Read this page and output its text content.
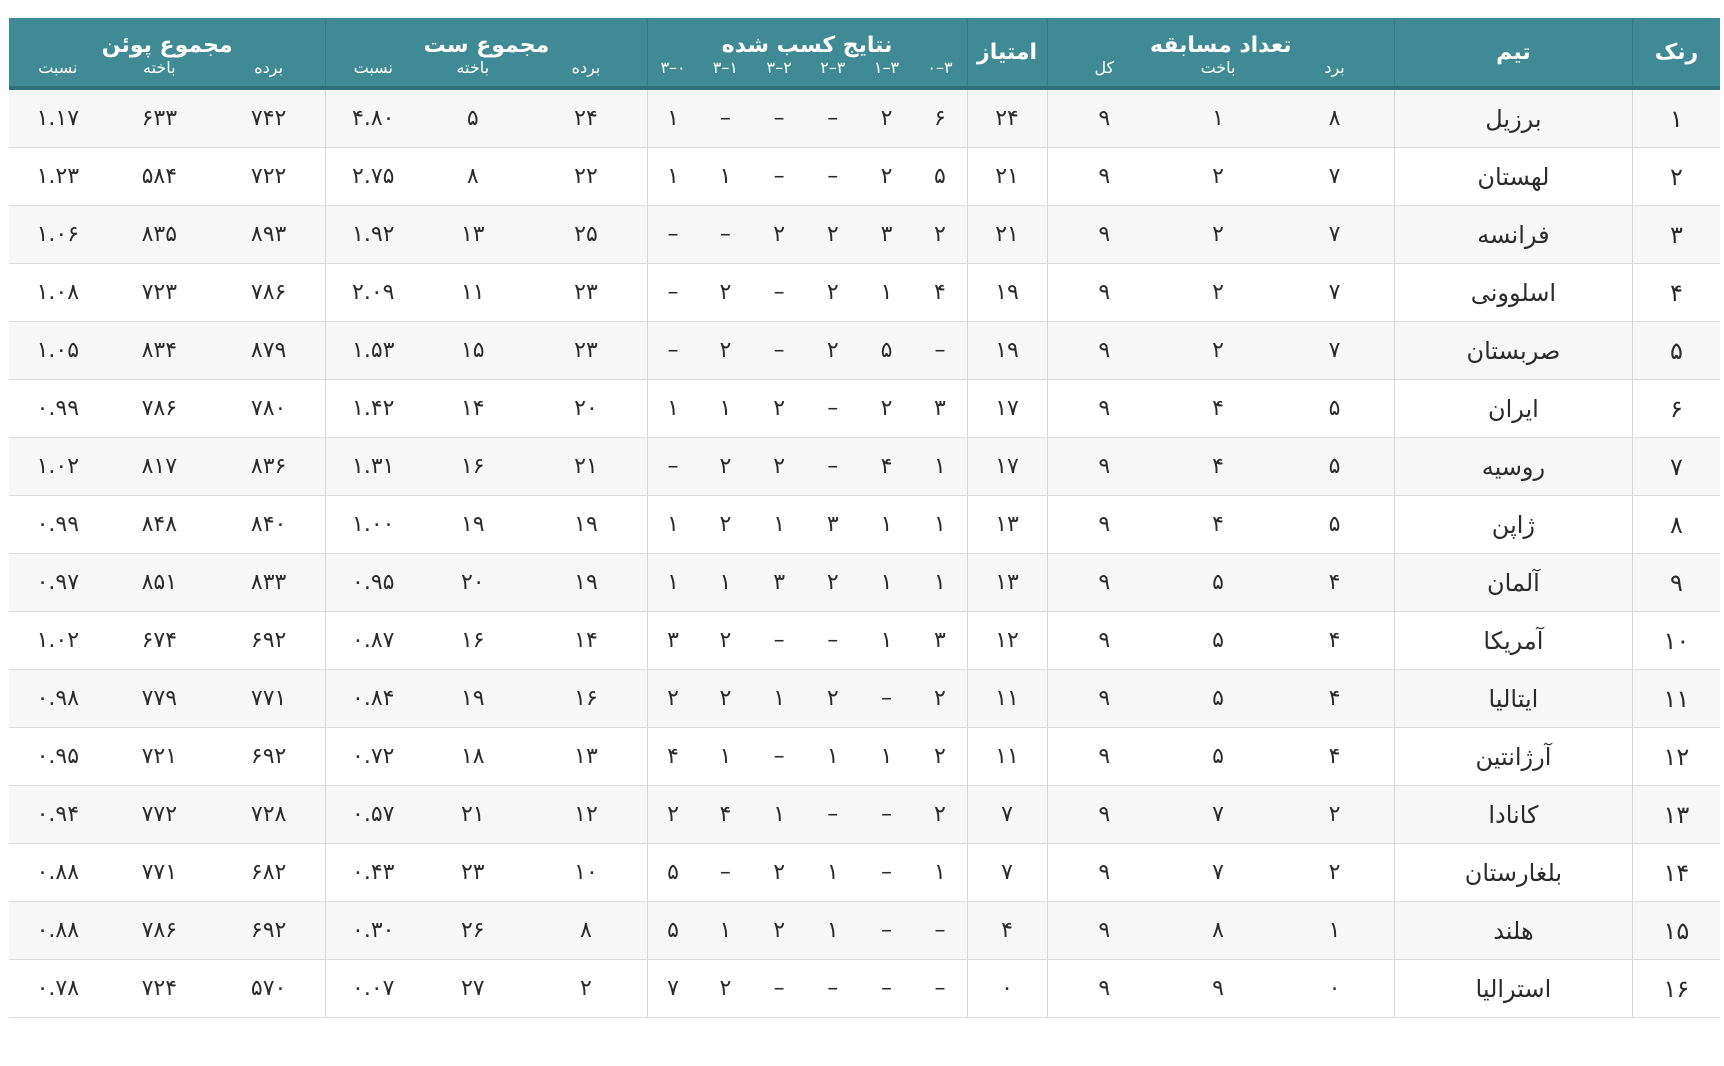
رنک	تیم	تعداد مسابقه			امتیاز	نتایج کسب شده						مجموع ست			مجموع پوئن		
		برد	باخت	کل		۳–۰	۳–۱	۳–۲	۲–۳	۱–۳	۰–۳	برده	باخته	نسبت	برده	باخته	نسبت
۱	برزیل	۸	۱	۹	۲۴	۶	۲	–	–	–	۱	۲۴	۵	۴.۸۰	۷۴۲	۶۳۳	۱.۱۷
۲	لهستان	۷	۲	۹	۲۱	۵	۲	–	–	۱	۱	۲۲	۸	۲.۷۵	۷۲۲	۵۸۴	۱.۲۳
۳	فرانسه	۷	۲	۹	۲۱	۲	۳	۲	۲	–	–	۲۵	۱۳	۱.۹۲	۸۹۳	۸۳۵	۱.۰۶
۴	اسلوونی	۷	۲	۹	۱۹	۴	۱	۲	–	۲	–	۲۳	۱۱	۲.۰۹	۷۸۶	۷۲۳	۱.۰۸
۵	صربستان	۷	۲	۹	۱۹	–	۵	۲	–	۲	–	۲۳	۱۵	۱.۵۳	۸۷۹	۸۳۴	۱.۰۵
۶	ایران	۵	۴	۹	۱۷	۳	۲	–	۲	۱	۱	۲۰	۱۴	۱.۴۲	۷۸۰	۷۸۶	۰.۹۹
۷	روسیه	۵	۴	۹	۱۷	۱	۴	–	۲	۲	–	۲۱	۱۶	۱.۳۱	۸۳۶	۸۱۷	۱.۰۲
۸	ژاپن	۵	۴	۹	۱۳	۱	۱	۳	۱	۲	۱	۱۹	۱۹	۱.۰۰	۸۴۰	۸۴۸	۰.۹۹
۹	آلمان	۴	۵	۹	۱۳	۱	۱	۲	۳	۱	۱	۱۹	۲۰	۰.۹۵	۸۳۳	۸۵۱	۰.۹۷
۱۰	آمریکا	۴	۵	۹	۱۲	۳	۱	–	–	۲	۳	۱۴	۱۶	۰.۸۷	۶۹۲	۶۷۴	۱.۰۲
۱۱	ایتالیا	۴	۵	۹	۱۱	۲	–	۲	۱	۲	۲	۱۶	۱۹	۰.۸۴	۷۷۱	۷۷۹	۰.۹۸
۱۲	آرژانتین	۴	۵	۹	۱۱	۲	۱	۱	–	۱	۴	۱۳	۱۸	۰.۷۲	۶۹۲	۷۲۱	۰.۹۵
۱۳	کانادا	۲	۷	۹	۷	۲	–	–	۱	۴	۲	۱۲	۲۱	۰.۵۷	۷۲۸	۷۷۲	۰.۹۴
۱۴	بلغارستان	۲	۷	۹	۷	۱	–	۱	۲	–	۵	۱۰	۲۳	۰.۴۳	۶۸۲	۷۷۱	۰.۸۸
۱۵	هلند	۱	۸	۹	۴	–	–	۱	۲	۱	۵	۸	۲۶	۰.۳۰	۶۹۲	۷۸۶	۰.۸۸
۱۶	استرالیا	۰	۹	۹	۰	–	–	–	–	۲	۷	۲	۲۷	۰.۰۷	۵۷۰	۷۲۴	۰.۷۸
